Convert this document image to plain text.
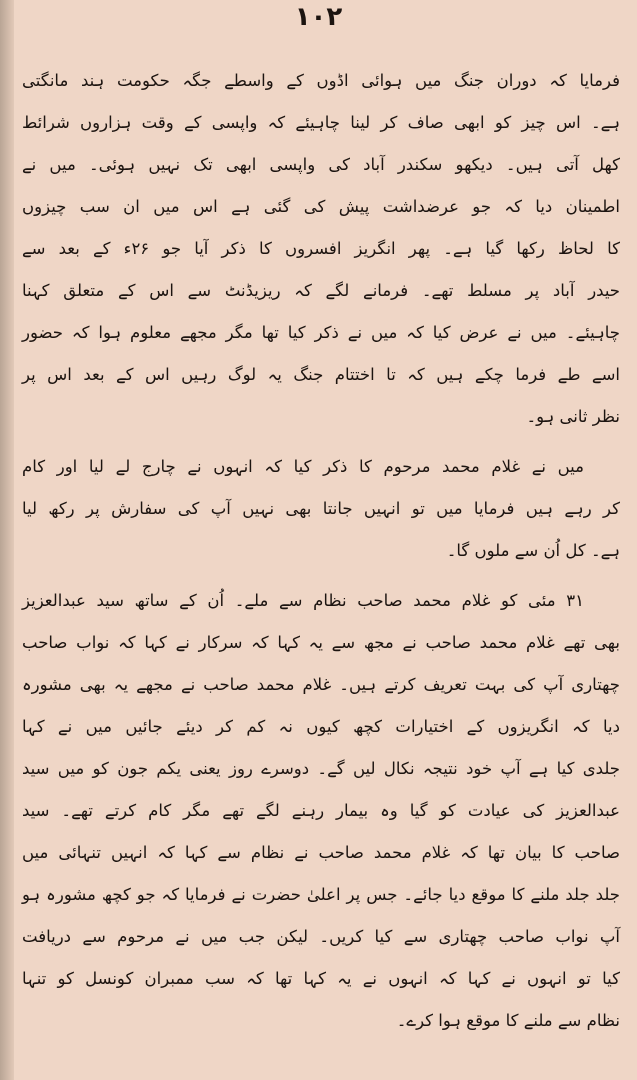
۱۰۲
فرمایا کہ دوران جنگ میں ہوائی اڈوں کے واسطے جگہ حکومت ہند مانگتی
ہے۔ اس چیز کو ابھی صاف کر لینا چاہیئے کہ واپسی کے وقت ہزاروں شرائط
کھل آتی ہیں۔ دیکھو سکندر آباد کی واپسی ابھی تک نہیں ہوئی۔ میں نے
اطمینان دیا کہ جو عرضداشت پیش کی گئی ہے اس میں ان سب چیزوں
کا لحاظ رکھا گیا ہے۔ پھر انگریز افسروں کا ذکر آیا جو ۲۶ء کے بعد سے
حیدر آباد پر مسلط تھے۔ فرمانے لگے کہ ریزیڈنٹ سے اس کے متعلق کہنا
چاہیئے۔ میں نے عرض کیا کہ میں نے ذکر کیا تھا مگر مجھے معلوم ہوا کہ حضور
اسے طے فرما چکے ہیں کہ تا اختتام جنگ یہ لوگ رہیں اس کے بعد اس پر
نظر ثانی ہو۔
میں نے غلام محمد مرحوم کا ذکر کیا کہ انہوں نے چارج لے لیا اور کام
کر رہے ہیں فرمایا میں تو انہیں جانتا بھی نہیں آپ کی سفارش پر رکھ لیا
ہے۔ کل اُن سے ملوں گا۔
۳۱ مئی کو غلام محمد صاحب نظام سے ملے۔ اُن کے ساتھ سید عبدالعزیز
بھی تھے غلام محمد صاحب نے مجھ سے یہ کہا کہ سرکار نے کہا کہ نواب صاحب
چھتاری آپ کی بہت تعریف کرتے ہیں۔ غلام محمد صاحب نے مجھے یہ بھی مشورہ
دیا کہ انگریزوں کے اختیارات کچھ کیوں نہ کم کر دیئے جائیں میں نے کہا
جلدی کیا ہے آپ خود نتیجہ نکال لیں گے۔ دوسرے روز یعنی یکم جون کو میں سید
عبدالعزیز کی عیادت کو گیا وہ بیمار رہنے لگے تھے مگر کام کرتے تھے۔ سید
صاحب کا بیان تھا کہ غلام محمد صاحب نے نظام سے کہا کہ انہیں تنہائی میں
جلد جلد ملنے کا موقع دیا جائے۔ جس پر اعلیٰ حضرت نے فرمایا کہ جو کچھ مشورہ ہو
آپ نواب صاحب چھتاری سے کیا کریں۔ لیکن جب میں نے مرحوم سے دریافت
کیا تو انہوں نے کہا کہ انہوں نے یہ کہا تھا کہ سب ممبران کونسل کو تنہا
نظام سے ملنے کا موقع ہوا کرے۔
